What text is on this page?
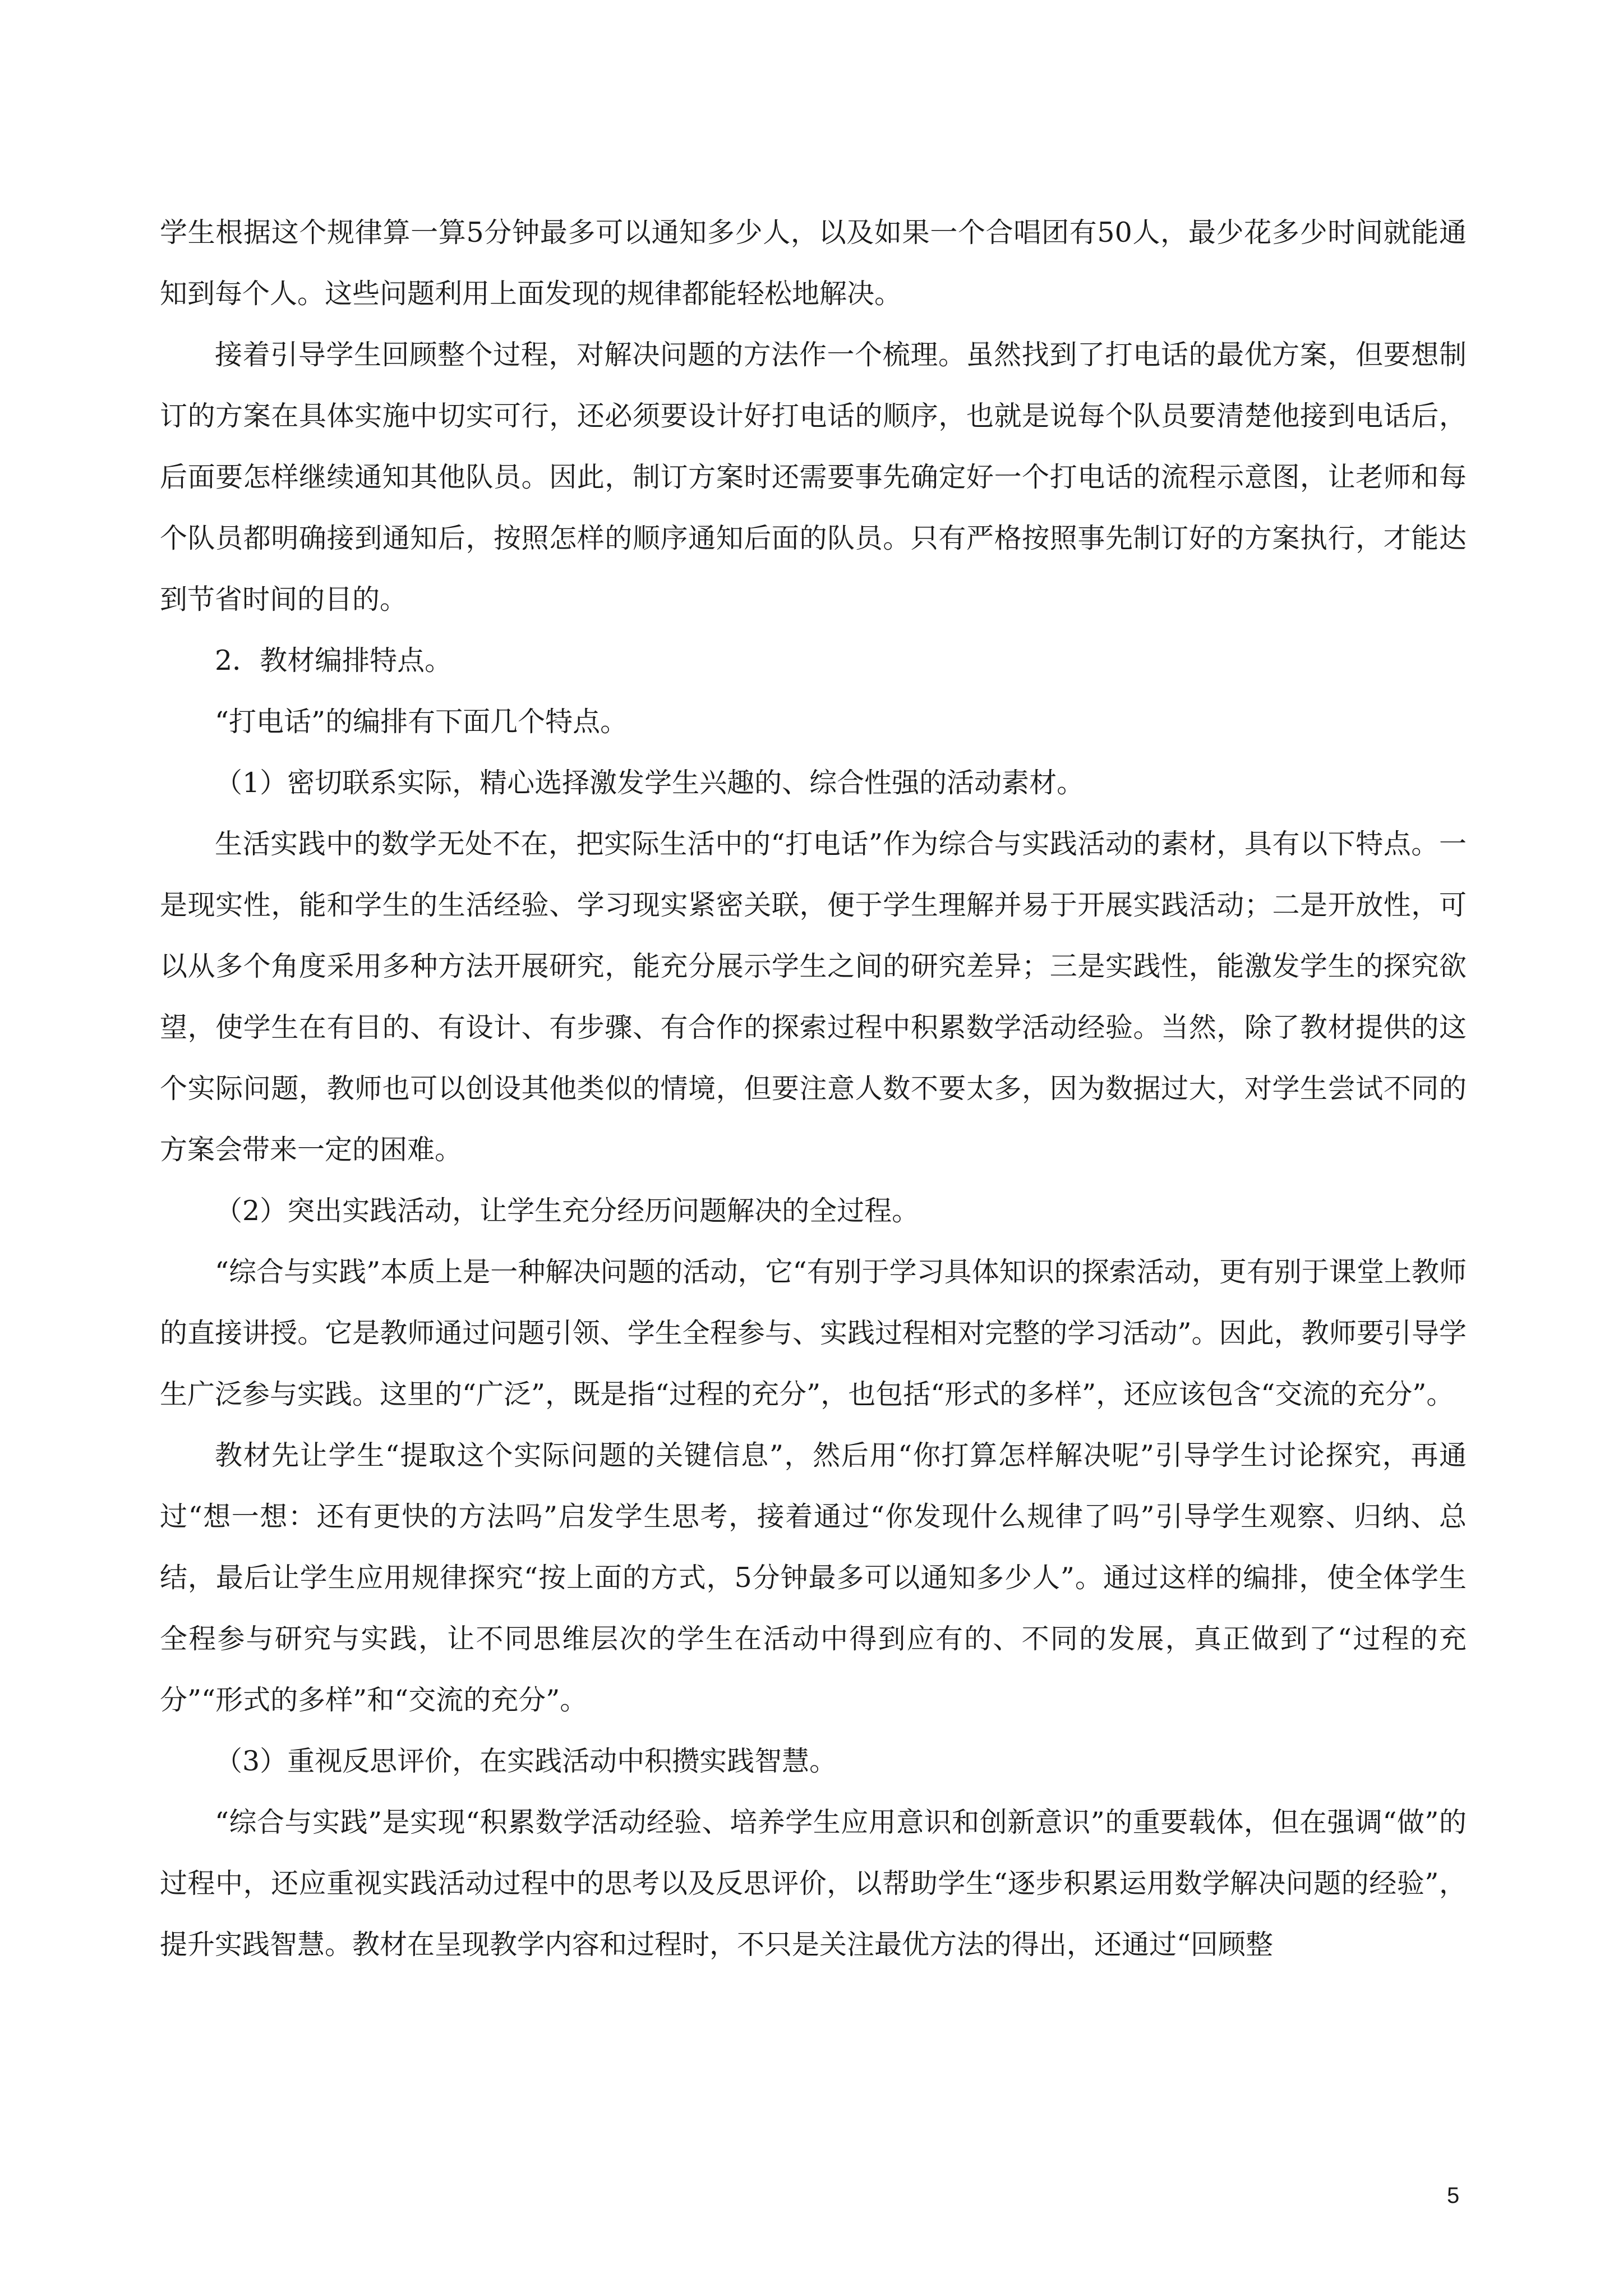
学生根据这个规律算一算5分钟最多可以通知多少人，以及如果一个合唱团有50人，最少花多少时间就能通知到每个人。这些问题利用上面发现的规律都能轻松地解决。

接着引导学生回顾整个过程，对解决问题的方法作一个梳理。虽然找到了打电话的最优方案，但要想制订的方案在具体实施中切实可行，还必须要设计好打电话的顺序，也就是说每个队员要清楚他接到电话后，后面要怎样继续通知其他队员。因此，制订方案时还需要事先确定好一个打电话的流程示意图，让老师和每个队员都明确接到通知后，按照怎样的顺序通知后面的队员。只有严格按照事先制订好的方案执行，才能达到节省时间的目的。

2．教材编排特点。

“打电话”的编排有下面几个特点。

（1）密切联系实际，精心选择激发学生兴趣的、综合性强的活动素材。

生活实践中的数学无处不在，把实际生活中的“打电话”作为综合与实践活动的素材，具有以下特点。一是现实性，能和学生的生活经验、学习现实紧密关联，便于学生理解并易于开展实践活动；二是开放性，可以从多个角度采用多种方法开展研究，能充分展示学生之间的研究差异；三是实践性，能激发学生的探究欲望，使学生在有目的、有设计、有步骤、有合作的探索过程中积累数学活动经验。当然，除了教材提供的这个实际问题，教师也可以创设其他类似的情境，但要注意人数不要太多，因为数据过大，对学生尝试不同的方案会带来一定的困难。

（2）突出实践活动，让学生充分经历问题解决的全过程。

“综合与实践”本质上是一种解决问题的活动，它“有别于学习具体知识的探索活动，更有别于课堂上教师的直接讲授。它是教师通过问题引领、学生全程参与、实践过程相对完整的学习活动”。因此，教师要引导学生广泛参与实践。这里的“广泛”，既是指“过程的充分”，也包括“形式的多样”，还应该包含“交流的充分”。

教材先让学生“提取这个实际问题的关键信息”，然后用“你打算怎样解决呢”引导学生讨论探究，再通过“想一想：还有更快的方法吗”启发学生思考，接着通过“你发现什么规律了吗”引导学生观察、归纳、总结，最后让学生应用规律探究“按上面的方式，5分钟最多可以通知多少人”。通过这样的编排，使全体学生全程参与研究与实践，让不同思维层次的学生在活动中得到应有的、不同的发展，真正做到了“过程的充分”“形式的多样”和“交流的充分”。

（3）重视反思评价，在实践活动中积攒实践智慧。

“综合与实践”是实现“积累数学活动经验、培养学生应用意识和创新意识”的重要载体，但在强调“做”的过程中，还应重视实践活动过程中的思考以及反思评价，以帮助学生“逐步积累运用数学解决问题的经验”，提升实践智慧。教材在呈现教学内容和过程时，不只是关注最优方法的得出，还通过“回顾整

5
